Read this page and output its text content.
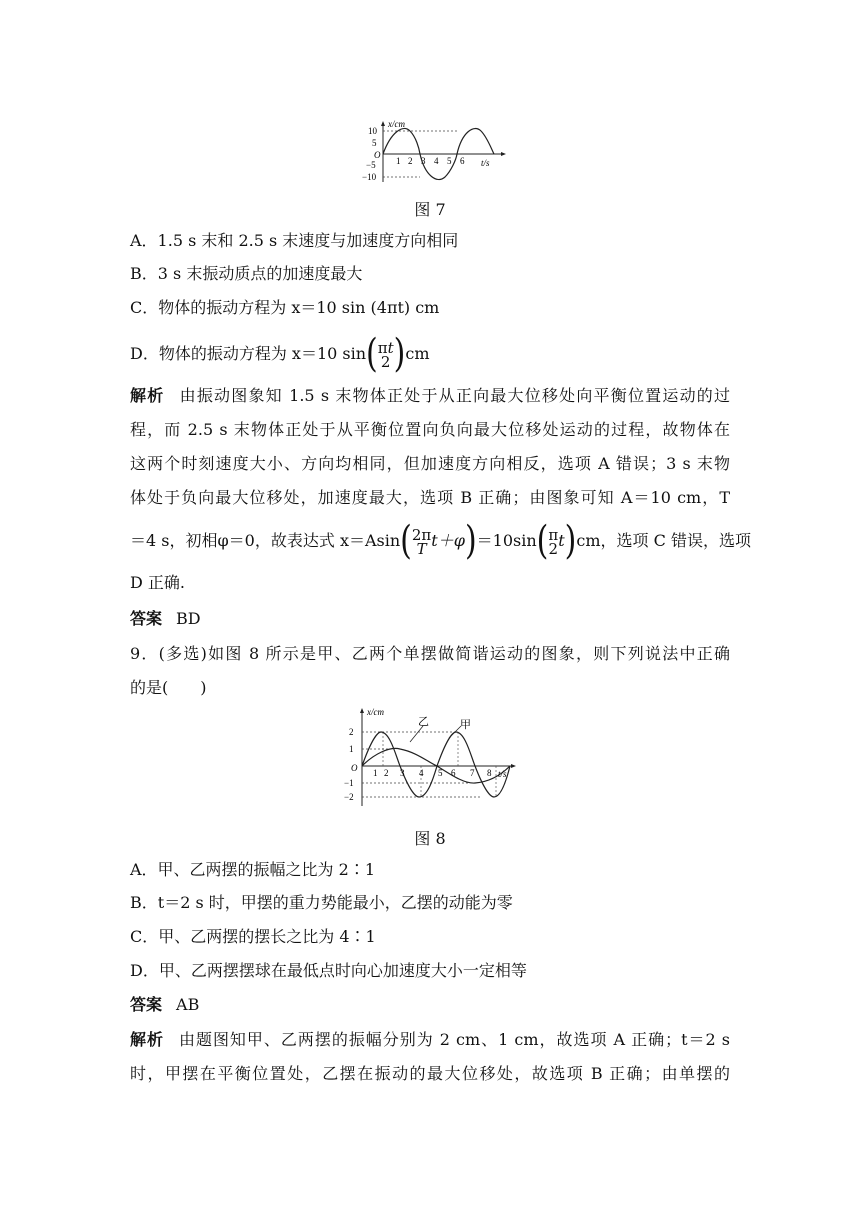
x/cm
t/s
O
10
5
−5
−10
1 2 3 4 5 6
图 7
A．1.5 s 末和 2.5 s 末速度与加速度方向相同
B．3 s 末振动质点的加速度最大
C．物体的振动方程为 x＝10 sin (4πt) cm
D．物体的振动方程为 x＝10 sin( πt
2 )cm
解析 由振动图象知 1.5 s 末物体正处于从正向最大位移处向平衡位置运动的过
程，而 2.5 s 末物体正处于从平衡位置向负向最大位移处运动的过程，故物体在
这两个时刻速度大小、方向均相同，但加速度方向相反，选项 A 错误；3 s 末物
体处于负向最大位移处，加速度最大，选项 B 正确；由图象可知 A＝10 cm，T
＝4 s，初相φ＝0，故表达式 x＝Asin( 2π
T t＋φ)＝10sin( π
2 t)cm，选项 C 错误，选项
D 正确.
答案 BD
9．(多选)如图 8 所示是甲、乙两个单摆做简谐运动的图象，则下列说法中正确
的是(　　)
x/cm
t/s
O
乙	甲
2
1
−1
−2
1 2 3 4 5 6 7 8
图 8
A．甲、乙两摆的振幅之比为 2∶1
B．t＝2 s 时，甲摆的重力势能最小，乙摆的动能为零
C．甲、乙两摆的摆长之比为 4∶1
D．甲、乙两摆摆球在最低点时向心加速度大小一定相等
答案 AB
解析 由题图知甲、乙两摆的振幅分别为 2 cm、1 cm，故选项 A 正确；t＝2 s
时，甲摆在平衡位置处，乙摆在振动的最大位移处，故选项 B 正确；由单摆的
